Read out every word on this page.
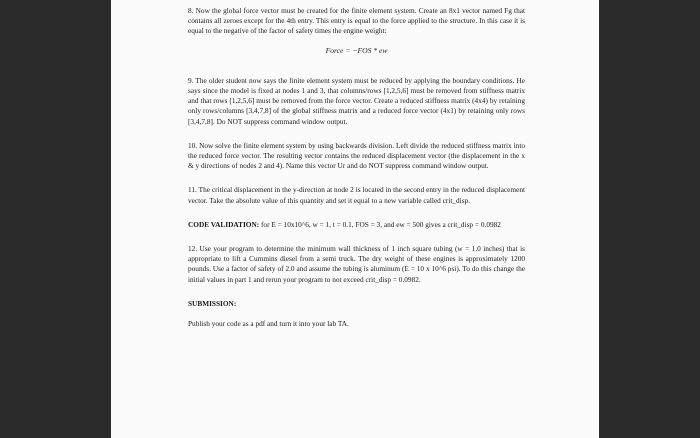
8. Now the global force vector must be created for the finite element system. Create an 8x1 vector named Fg that contains all zeroes except for the 4th entry. This entry is equal to the force applied to the structure. In this case it is equal to the negative of the factor of safety times the engine weight:

Force = −FOS * ew

9. The older student now says the finite element system must be reduced by applying the boundary conditions. He says since the model is fixed at nodes 1 and 3, that columns/rows [1,2,5,6] must be removed from stiffness matrix and that rows [1,2,5,6] must be removed from the force vector. Create a reduced stiffness matrix (4x4) by retaining only rows/columns [3,4,7,8] of the global stiffness matrix and a reduced force vector (4x1) by retaining only rows [3,4,7,8]. Do NOT suppress command window output.

10. Now solve the finite element system by using backwards division. Left divide the reduced stiffness matrix into the reduced force vector. The resulting vector contains the reduced displacement vector (the displacement in the x & y directions of nodes 2 and 4). Name this vector Ur and do NOT suppress command window output.

11. The critical displacement in the y-direction at node 2 is located in the second entry in the reduced displacement vector. Take the absolute value of this quantity and set it equal to a new variable called crit_disp.

CODE VALIDATION: for E = 10x10^6, w = 1, t = 0.1, FOS = 3, and ew = 500 gives a crit_disp = 0.0982

12. Use your program to determine the minimum wall thickness of 1 inch square tubing (w = 1.0 inches) that is appropriate to lift a Cummins diesel from a semi truck. The dry weight of these engines is approximately 1200 pounds. Use a factor of safety of 2.0 and assume the tubing is aluminum (E = 10 x 10^6 psi). To do this change the initial values in part 1 and rerun your program to not exceed crit_disp = 0.0982.

SUBMISSION:

Publish your code as a pdf and turn it into your lab TA.
